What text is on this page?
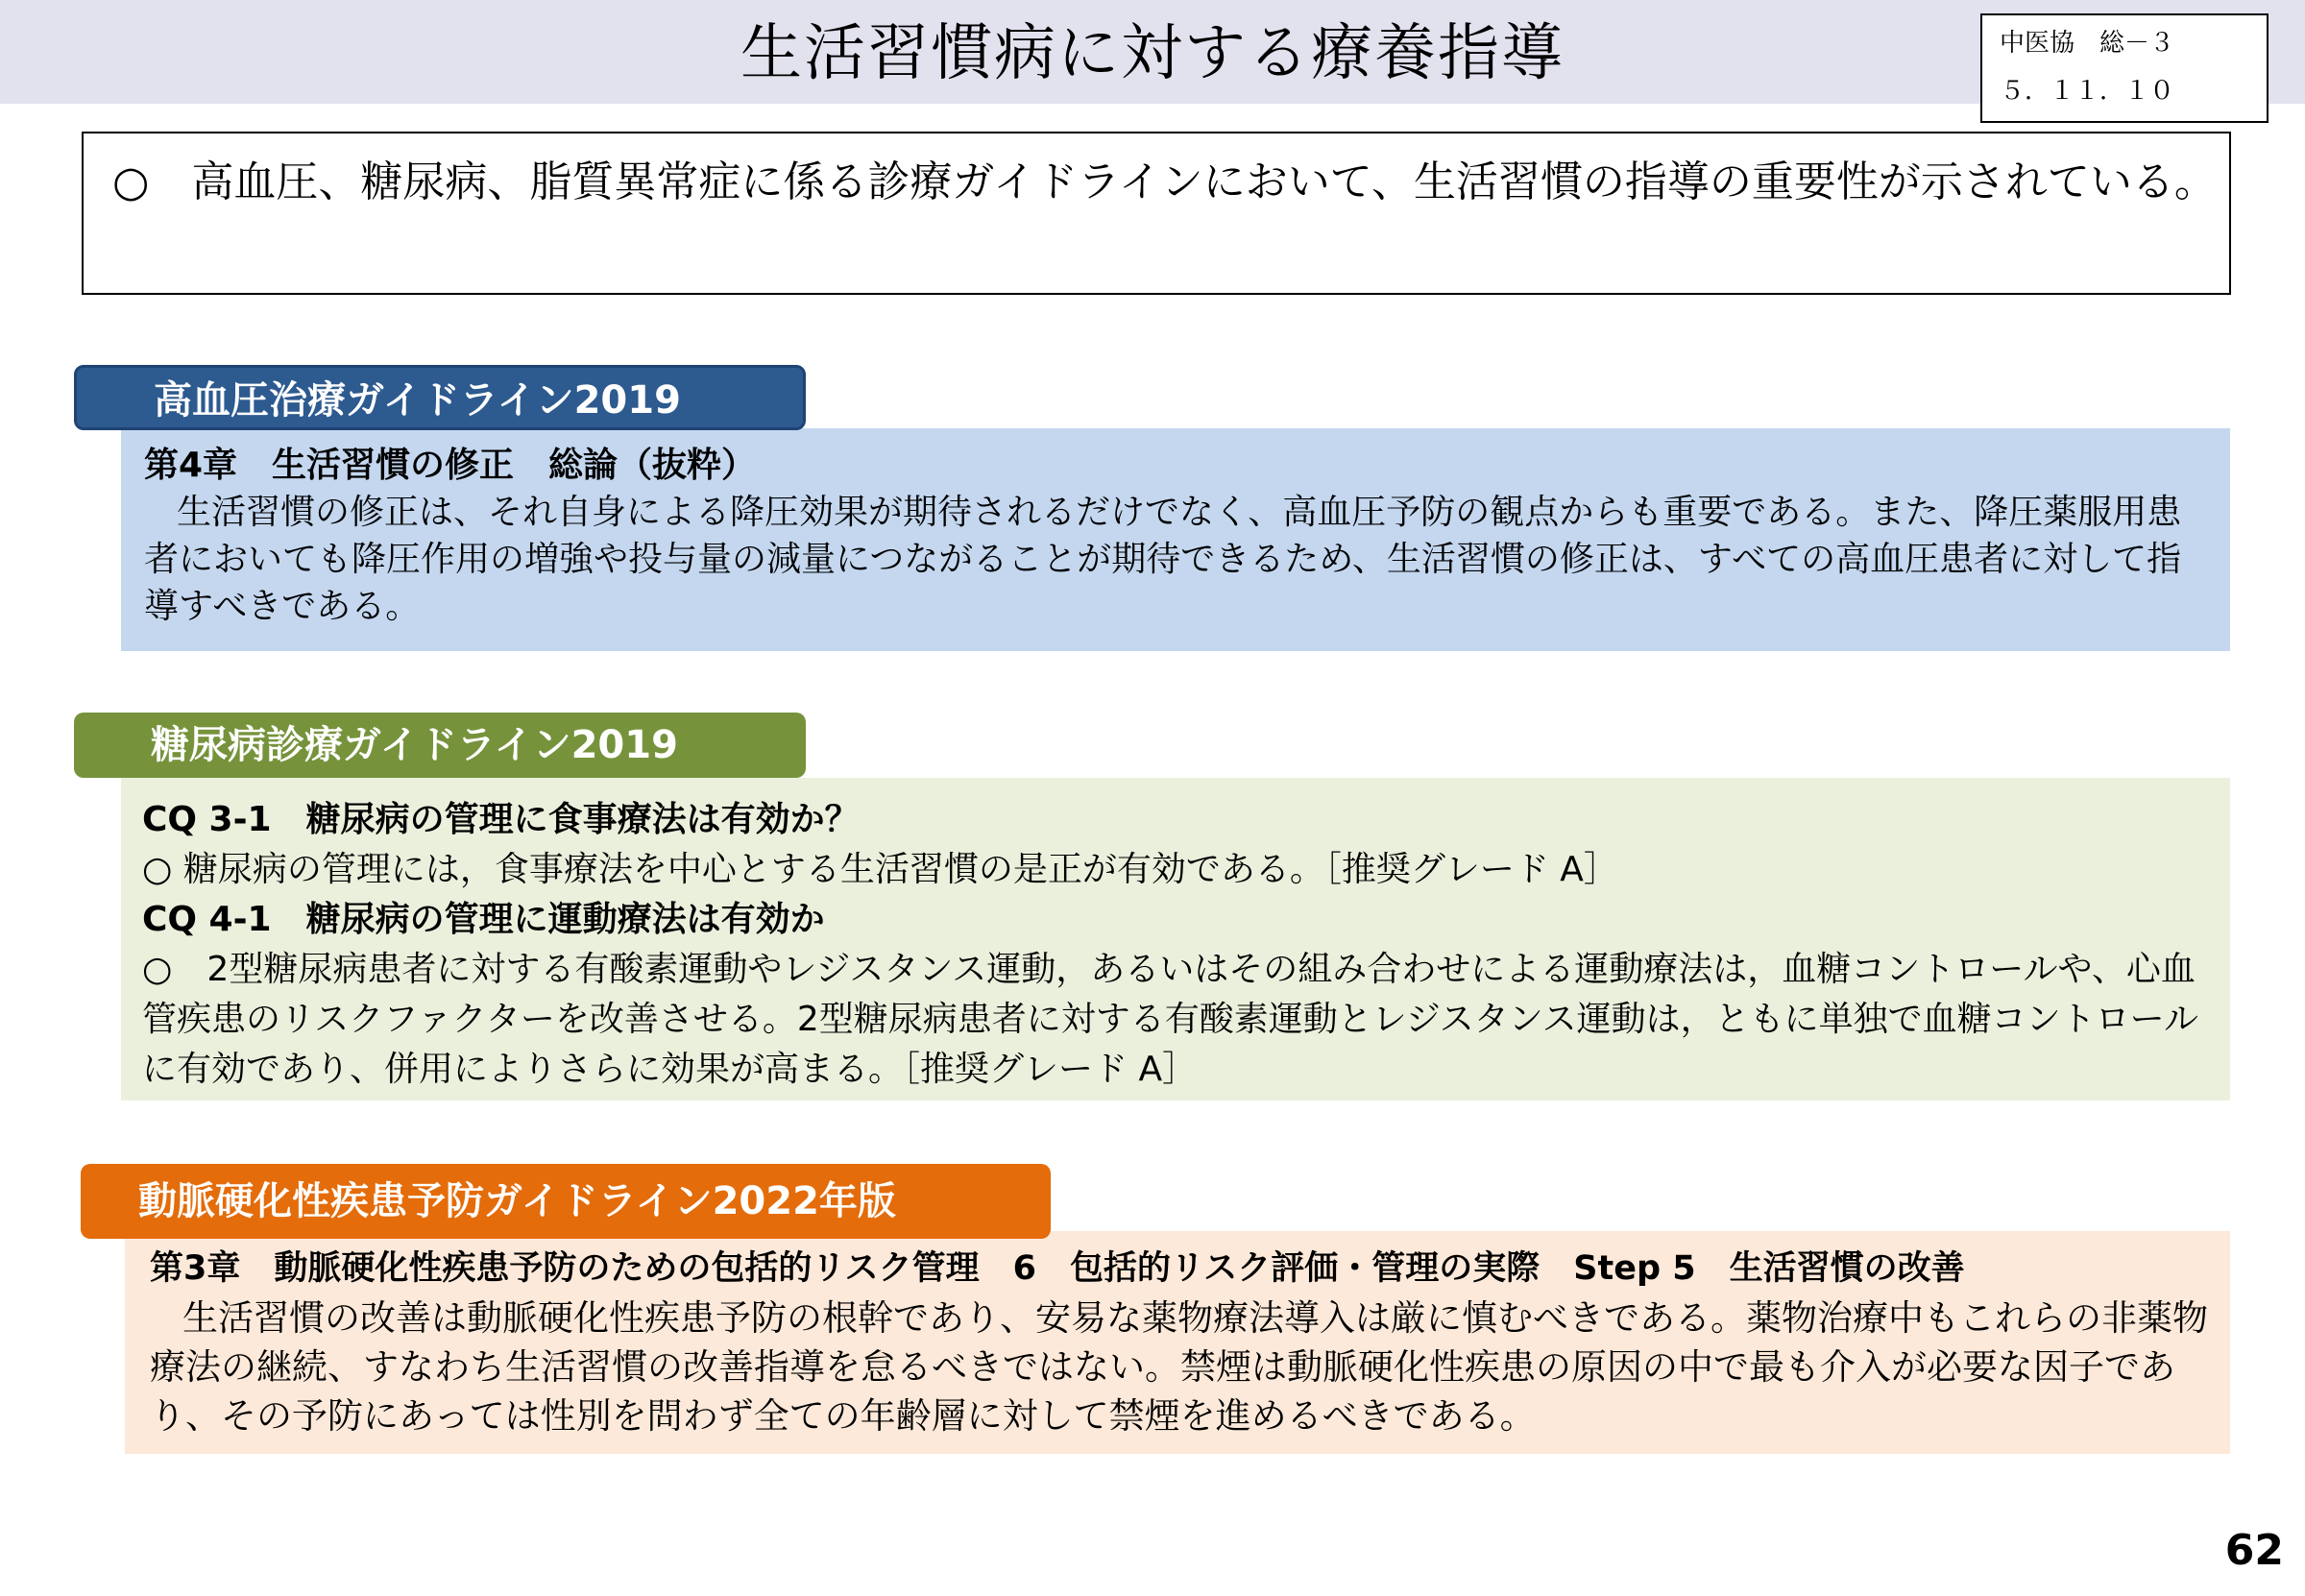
生活習慣病に対する療養指導	中医協　総－３
５．１１．１０
○　高血圧、糖尿病、脂質異常症に係る診療ガイドラインにおいて、生活習慣の指導の重要性が示されている。

第4章　生活習慣の修正　総論（抜粋）

生活習慣の修正は、それ自身による降圧効果が期待されるだけでなく、高血圧予防の観点からも重要である。また、降圧薬服用患者においても降圧作用の増強や投与量の減量につながることが期待できるため、生活習慣の修正は、すべての高血圧患者に対して指導すべきである。

高血圧治療ガイドライン2019

CQ 3-1　糖尿病の管理に食事療法は有効か？

○ 糖尿病の管理には，食事療法を中心とする生活習慣の是正が有効である。［推奨グレード A］

CQ 4-1　糖尿病の管理に運動療法は有効か

○　2型糖尿病患者に対する有酸素運動やレジスタンス運動，あるいはその組み合わせによる運動療法は，血糖コントロールや、心血管疾患のリスクファクターを改善させる。2型糖尿病患者に対する有酸素運動とレジスタンス運動は，ともに単独で血糖コントロールに有効であり、併用によりさらに効果が高まる。［推奨グレード A］

糖尿病診療ガイドライン2019

第3章　動脈硬化性疾患予防のための包括的リスク管理　6　包括的リスク評価・管理の実際　Step 5　生活習慣の改善

生活習慣の改善は動脈硬化性疾患予防の根幹であり、安易な薬物療法導入は厳に慎むべきである。薬物治療中もこれらの非薬物療法の継続、すなわち生活習慣の改善指導を怠るべきではない。禁煙は動脈硬化性疾患の原因の中で最も介入が必要な因子であり、その予防にあっては性別を問わず全ての年齢層に対して禁煙を進めるべきである。

動脈硬化性疾患予防ガイドライン2022年版
62
